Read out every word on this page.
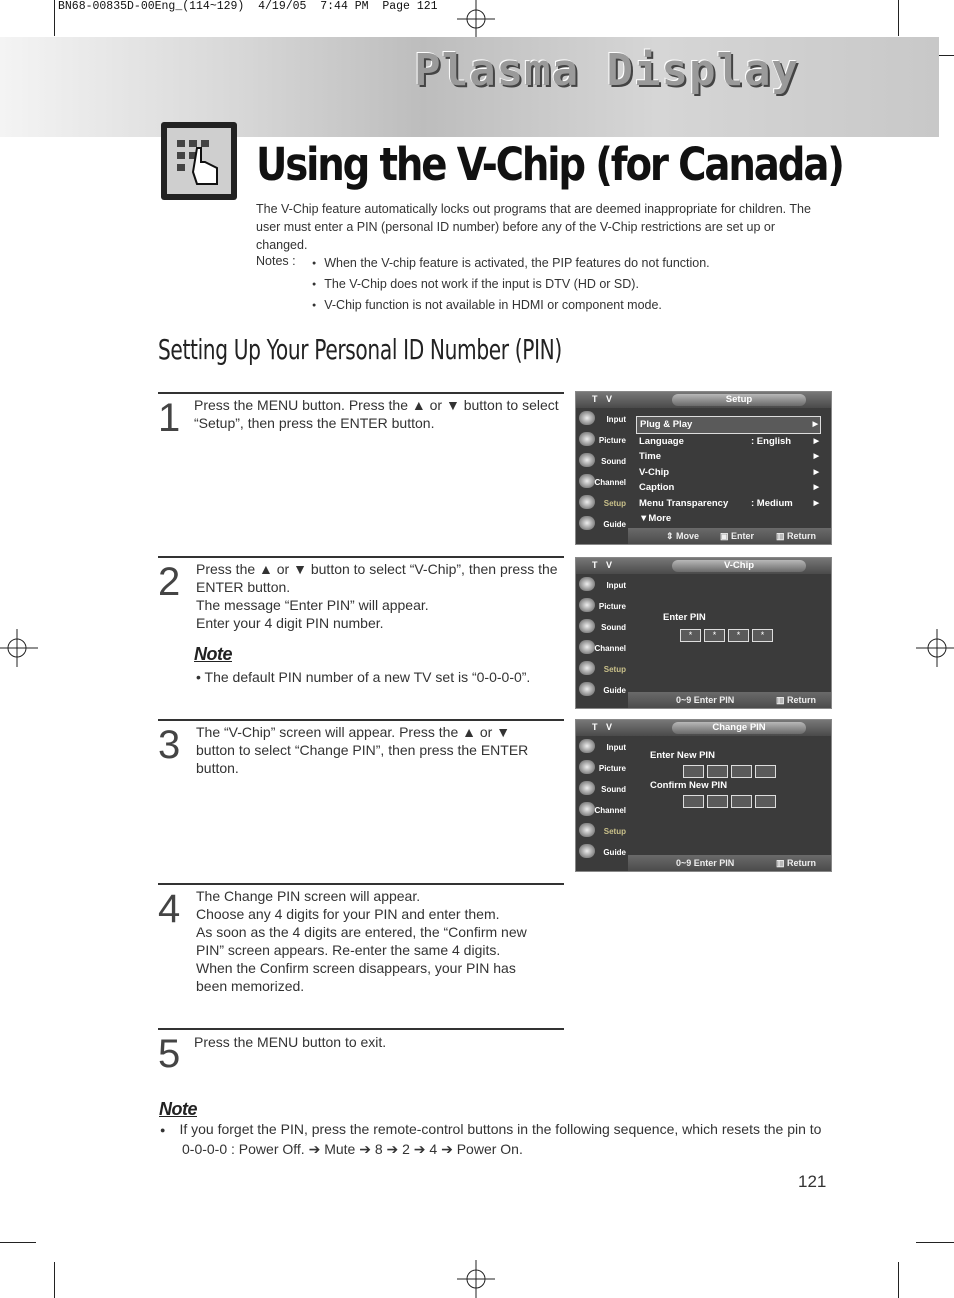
BN68-00835D-00Eng_(114~129)  4/19/05  7:44 PM  Page 121
Plasma Display
Using the V-Chip (for Canada)
The V-Chip feature automatically locks out programs that are deemed inappropriate for children. The user must enter a PIN (personal ID number) before any of the V-Chip restrictions are set up or changed.
Notes :
●	When the V-chip feature is activated, the PIP features do not function.
● The V-Chip does not work if the input is DTV (HD or SD).
● V-Chip function is not available in HDMI or component mode.
Setting Up Your Personal ID Number (PIN)
1 Press the MENU button. Press the ▲ or ▼ button to select “Setup”, then press the ENTER button.
2 Press the ▲ or ▼ button to select “V-Chip”, then press the ENTER button.
The message “Enter PIN” will appear.
Enter your 4 digit PIN number.
Note
• The default PIN number of a new TV set is “0-0-0-0”.
3 The “V-Chip” screen will appear. Press the ▲ or ▼ button to select “Change PIN”, then press the ENTER button.
4 The Change PIN screen will appear.
Choose any 4 digits for your PIN and enter them.
As soon as the 4 digits are entered, the “Confirm new PIN” screen appears. Re-enter the same 4 digits.
When the Confirm screen disappears, your PIN has been memorized.
5 Press the MENU button to exit.
Note
● If you forget the PIN, press the remote-control buttons in the following sequence, which resets the pin to 0-0-0-0 : Power Off. ➔ Mute ➔ 8 ➔ 2 ➔ 4 ➔ Power On.
T V	Setup
Input
Picture
Sound
Channel
Setup
Guide
Plug & Play	▶
Language	: English	▶
Time	▶
V-Chip	▶
Caption	▶
Menu Transparency : Medium	▶
▼More
⇕ Move ▣ Enter ▥ Return
T V	V-Chip
Input
Picture
Sound
Channel
Setup
Guide
Enter PIN
*	*	*	*
0~9 Enter PIN	▥ Return
T V	Change PIN
Input
Picture
Sound
Channel
Setup
Guide
Enter New PIN
Confirm New PIN
0~9 Enter PIN	▥ Return
121
